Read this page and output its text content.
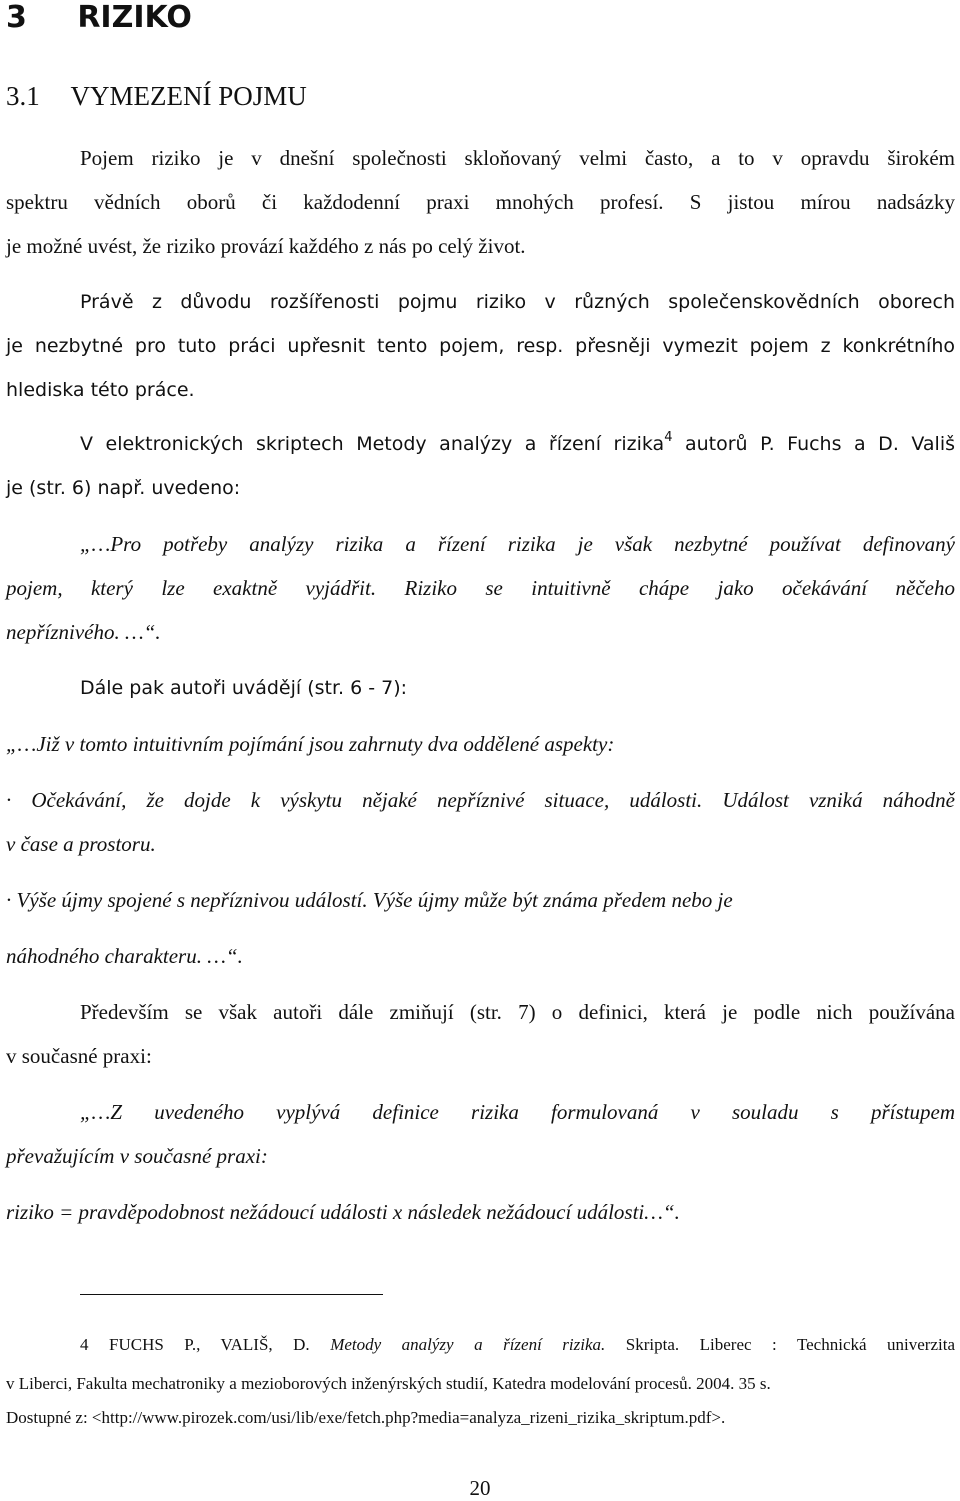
3 RIZIKO
3.1 VYMEZENÍ POJMU
Pojem riziko je v dnešní společnosti skloňovaný velmi často, a to v opravdu širokém
spektru vědních oborů či každodenní praxi mnohých profesí. S jistou mírou nadsázky
je možné uvést, že riziko provází každého z nás po celý život.
Právě z důvodu rozšířenosti pojmu riziko v různých společenskovědních oborech
je nezbytné pro tuto práci upřesnit tento pojem, resp. přesněji vymezit pojem z konkrétního
hlediska této práce.
V elektronických skriptech Metody analýzy a řízení rizika$^4$ autorů P. Fuchs a D. Vališ
je (str. 6) např. uvedeno:
„…Pro potřeby analýzy rizika a řízení rizika je však nezbytné používat definovaný
pojem, který lze exaktně vyjádřit. Riziko se intuitivně chápe jako očekávání něčeho
nepříznivého. …“.
Dále pak autoři uvádějí (str. 6 - 7):
„…Již v tomto intuitivním pojímání jsou zahrnuty dva oddělené aspekty:
· Očekávání, že dojde k výskytu nějaké nepříznivé situace, události. Událost vzniká náhodně
v čase a prostoru.
· Výše újmy spojené s nepříznivou událostí. Výše újmy může být známa předem nebo je
náhodného charakteru. …“.
Především se však autoři dále zmiňují (str. 7) o definici, která je podle nich používána
v současné praxi:
„…Z uvedeného vyplývá definice rizika formulovaná v souladu s přístupem
převažujícím v současné praxi:
riziko = pravděpodobnost nežádoucí události x následek nežádoucí události…“.
4 FUCHS P., VALIŠ, D. Metody analýzy a řízení rizika. Skripta. Liberec : Technická univerzita
v Liberci, Fakulta mechatroniky a mezioborových inženýrských studií, Katedra modelování procesů. 2004. 35 s.
Dostupné z: <http://www.pirozek.com/usi/lib/exe/fetch.php?media=analyza_rizeni_rizika_skriptum.pdf>.
20
